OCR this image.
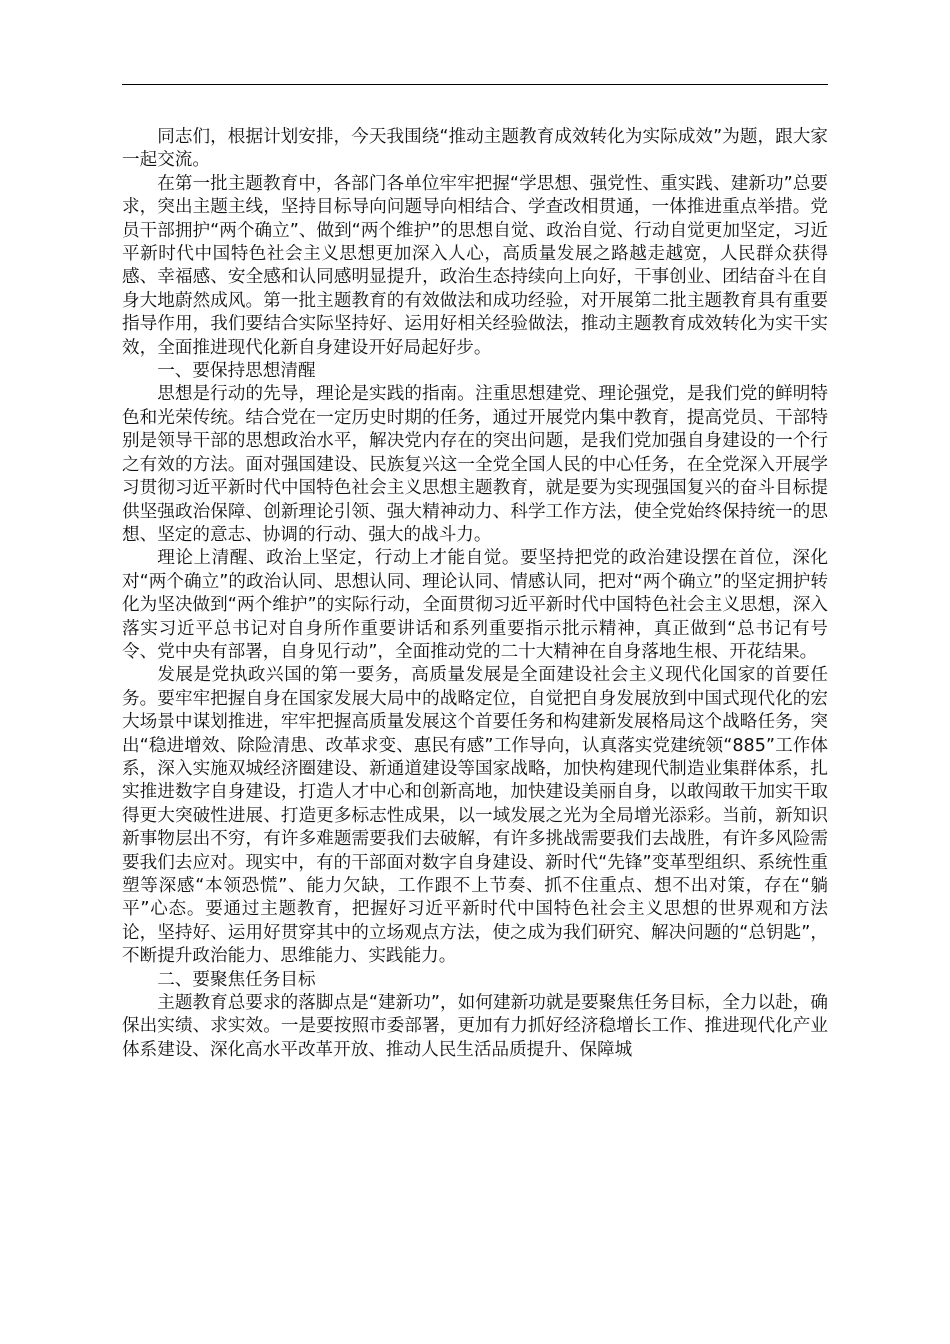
同志们，根据计划安排，今天我围绕“推动主题教育成效转化为实际成效”为题，跟大家一起交流。

在第一批主题教育中，各部门各单位牢牢把握“学思想、强党性、重实践、建新功”总要求，突出主题主线，坚持目标导向问题导向相结合、学查改相贯通，一体推进重点举措。党员干部拥护“两个确立”、做到“两个维护”的思想自觉、政治自觉、行动自觉更加坚定，习近平新时代中国特色社会主义思想更加深入人心，高质量发展之路越走越宽，人民群众获得感、幸福感、安全感和认同感明显提升，政治生态持续向上向好，干事创业、团结奋斗在自身大地蔚然成风。第一批主题教育的有效做法和成功经验，对开展第二批主题教育具有重要指导作用，我们要结合实际坚持好、运用好相关经验做法，推动主题教育成效转化为实干实效，全面推进现代化新自身建设开好局起好步。

一、要保持思想清醒

思想是行动的先导，理论是实践的指南。注重思想建党、理论强党，是我们党的鲜明特色和光荣传统。结合党在一定历史时期的任务，通过开展党内集中教育，提高党员、干部特别是领导干部的思想政治水平，解决党内存在的突出问题，是我们党加强自身建设的一个行之有效的方法。面对强国建设、民族复兴这一全党全国人民的中心任务，在全党深入开展学习贯彻习近平新时代中国特色社会主义思想主题教育，就是要为实现强国复兴的奋斗目标提供坚强政治保障、创新理论引领、强大精神动力、科学工作方法，使全党始终保持统一的思想、坚定的意志、协调的行动、强大的战斗力。

理论上清醒、政治上坚定，行动上才能自觉。要坚持把党的政治建设摆在首位，深化对“两个确立”的政治认同、思想认同、理论认同、情感认同，把对“两个确立”的坚定拥护转化为坚决做到“两个维护”的实际行动，全面贯彻习近平新时代中国特色社会主义思想，深入落实习近平总书记对自身所作重要讲话和系列重要指示批示精神，真正做到“总书记有号令、党中央有部署，自身见行动”，全面推动党的二十大精神在自身落地生根、开花结果。

发展是党执政兴国的第一要务，高质量发展是全面建设社会主义现代化国家的首要任务。要牢牢把握自身在国家发展大局中的战略定位，自觉把自身发展放到中国式现代化的宏大场景中谋划推进，牢牢把握高质量发展这个首要任务和构建新发展格局这个战略任务，突出“稳进增效、除险清患、改革求变、惠民有感”工作导向，认真落实党建统领“885”工作体系，深入实施双城经济圈建设、新通道建设等国家战略，加快构建现代制造业集群体系，扎实推进数字自身建设，打造人才中心和创新高地，加快建设美丽自身，以敢闯敢干加实干取得更大突破性进展、打造更多标志性成果，以一域发展之光为全局增光添彩。当前，新知识新事物层出不穷，有许多难题需要我们去破解，有许多挑战需要我们去战胜，有许多风险需要我们去应对。现实中，有的干部面对数字自身建设、新时代“先锋”变革型组织、系统性重塑等深感“本领恐慌”、能力欠缺，工作跟不上节奏、抓不住重点、想不出对策，存在“躺平”心态。要通过主题教育，把握好习近平新时代中国特色社会主义思想的世界观和方法论，坚持好、运用好贯穿其中的立场观点方法，使之成为我们研究、解决问题的“总钥匙”，不断提升政治能力、思维能力、实践能力。

二、要聚焦任务目标

主题教育总要求的落脚点是“建新功”，如何建新功就是要聚焦任务目标，全力以赴，确保出实绩、求实效。一是要按照市委部署，更加有力抓好经济稳增长工作、推进现代化产业体系建设、深化高水平改革开放、推动人民生活品质提升、保障城
